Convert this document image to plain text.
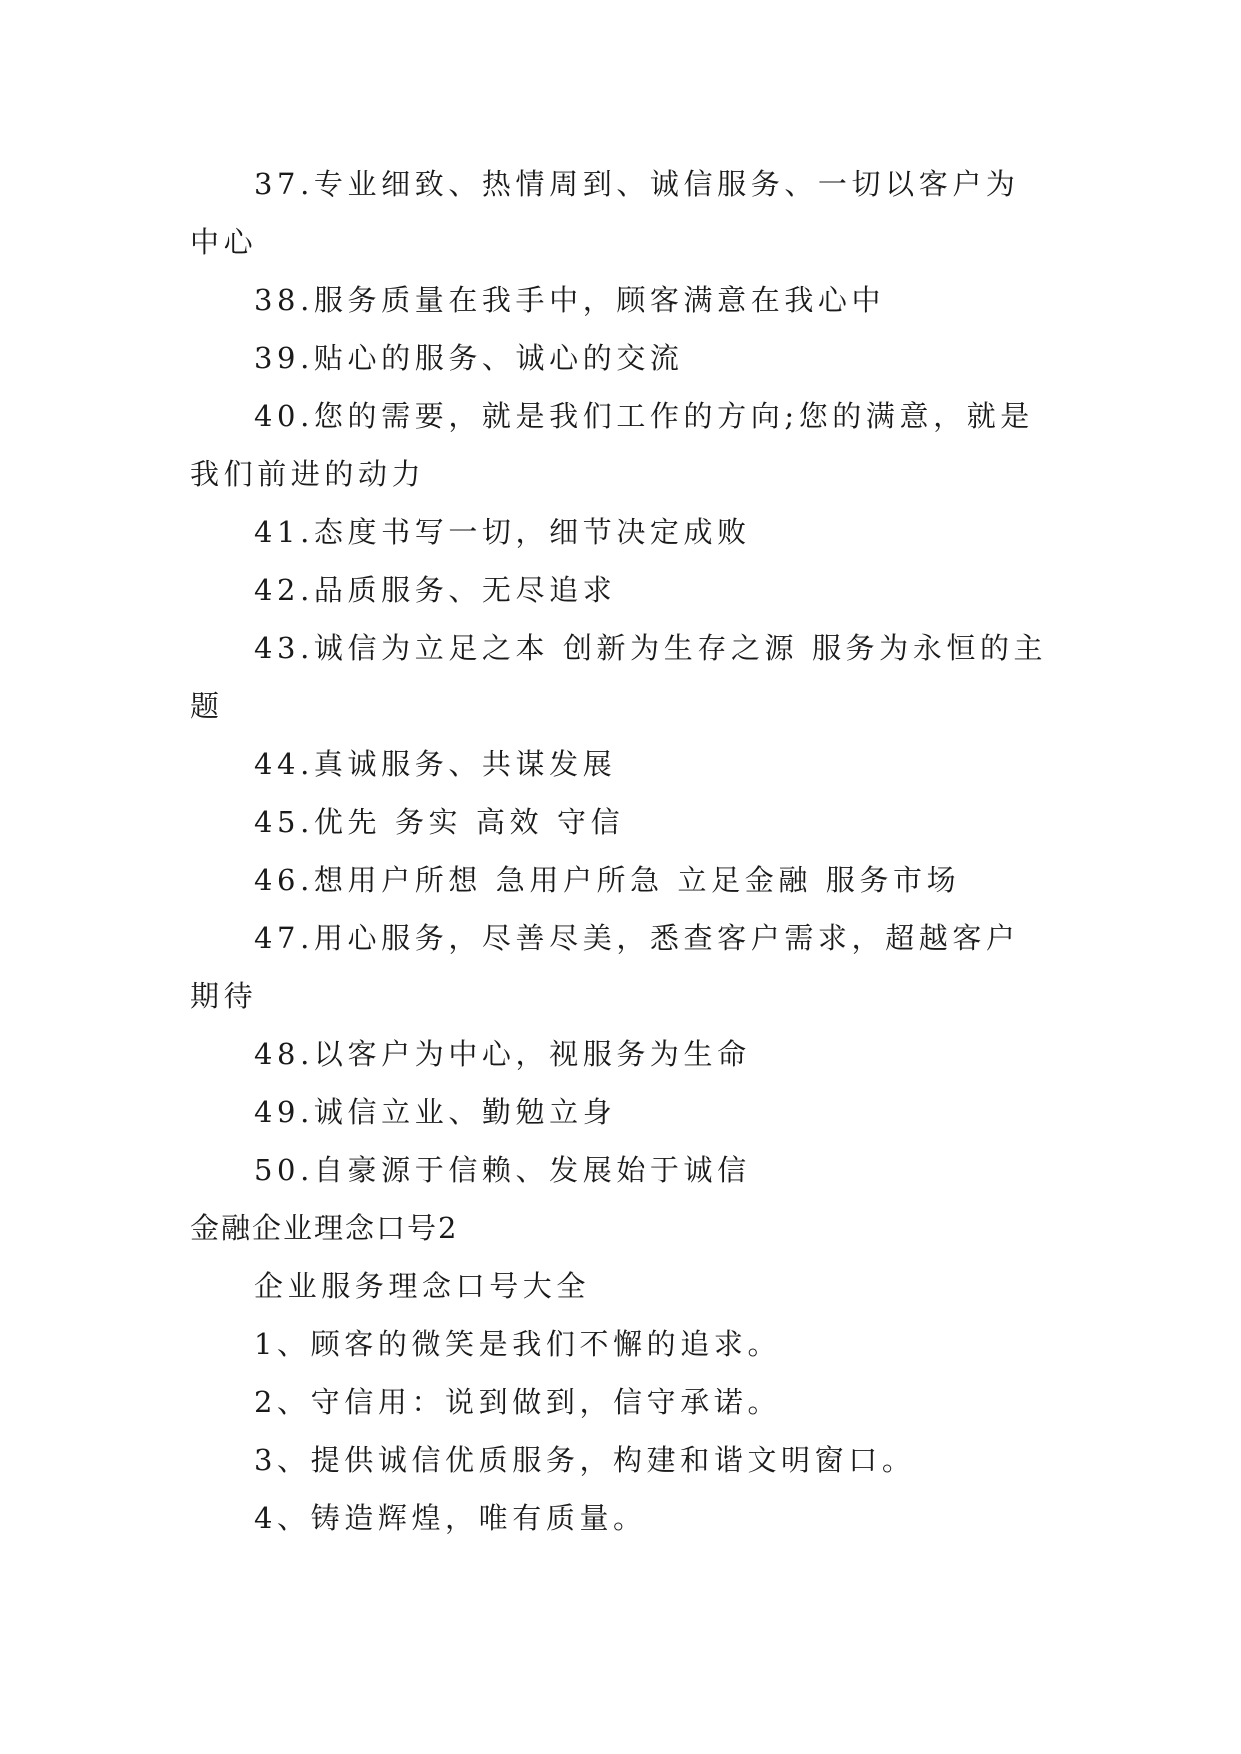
37.专业细致、热情周到、诚信服务、一切以客户为中心

38.服务质量在我手中，顾客满意在我心中

39.贴心的服务、诚心的交流

40.您的需要，就是我们工作的方向;您的满意，就是我们前进的动力

41.态度书写一切，细节决定成败

42.品质服务、无尽追求

43.诚信为立足之本 创新为生存之源 服务为永恒的主题

44.真诚服务、共谋发展

45.优先 务实 高效 守信

46.想用户所想 急用户所急 立足金融 服务市场

47.用心服务，尽善尽美，悉查客户需求，超越客户期待

48.以客户为中心，视服务为生命

49.诚信立业、勤勉立身

50.自豪源于信赖、发展始于诚信

金融企业理念口号2

企业服务理念口号大全

1、顾客的微笑是我们不懈的追求。

2、守信用：说到做到，信守承诺。

3、提供诚信优质服务，构建和谐文明窗口。

4、铸造辉煌，唯有质量。
